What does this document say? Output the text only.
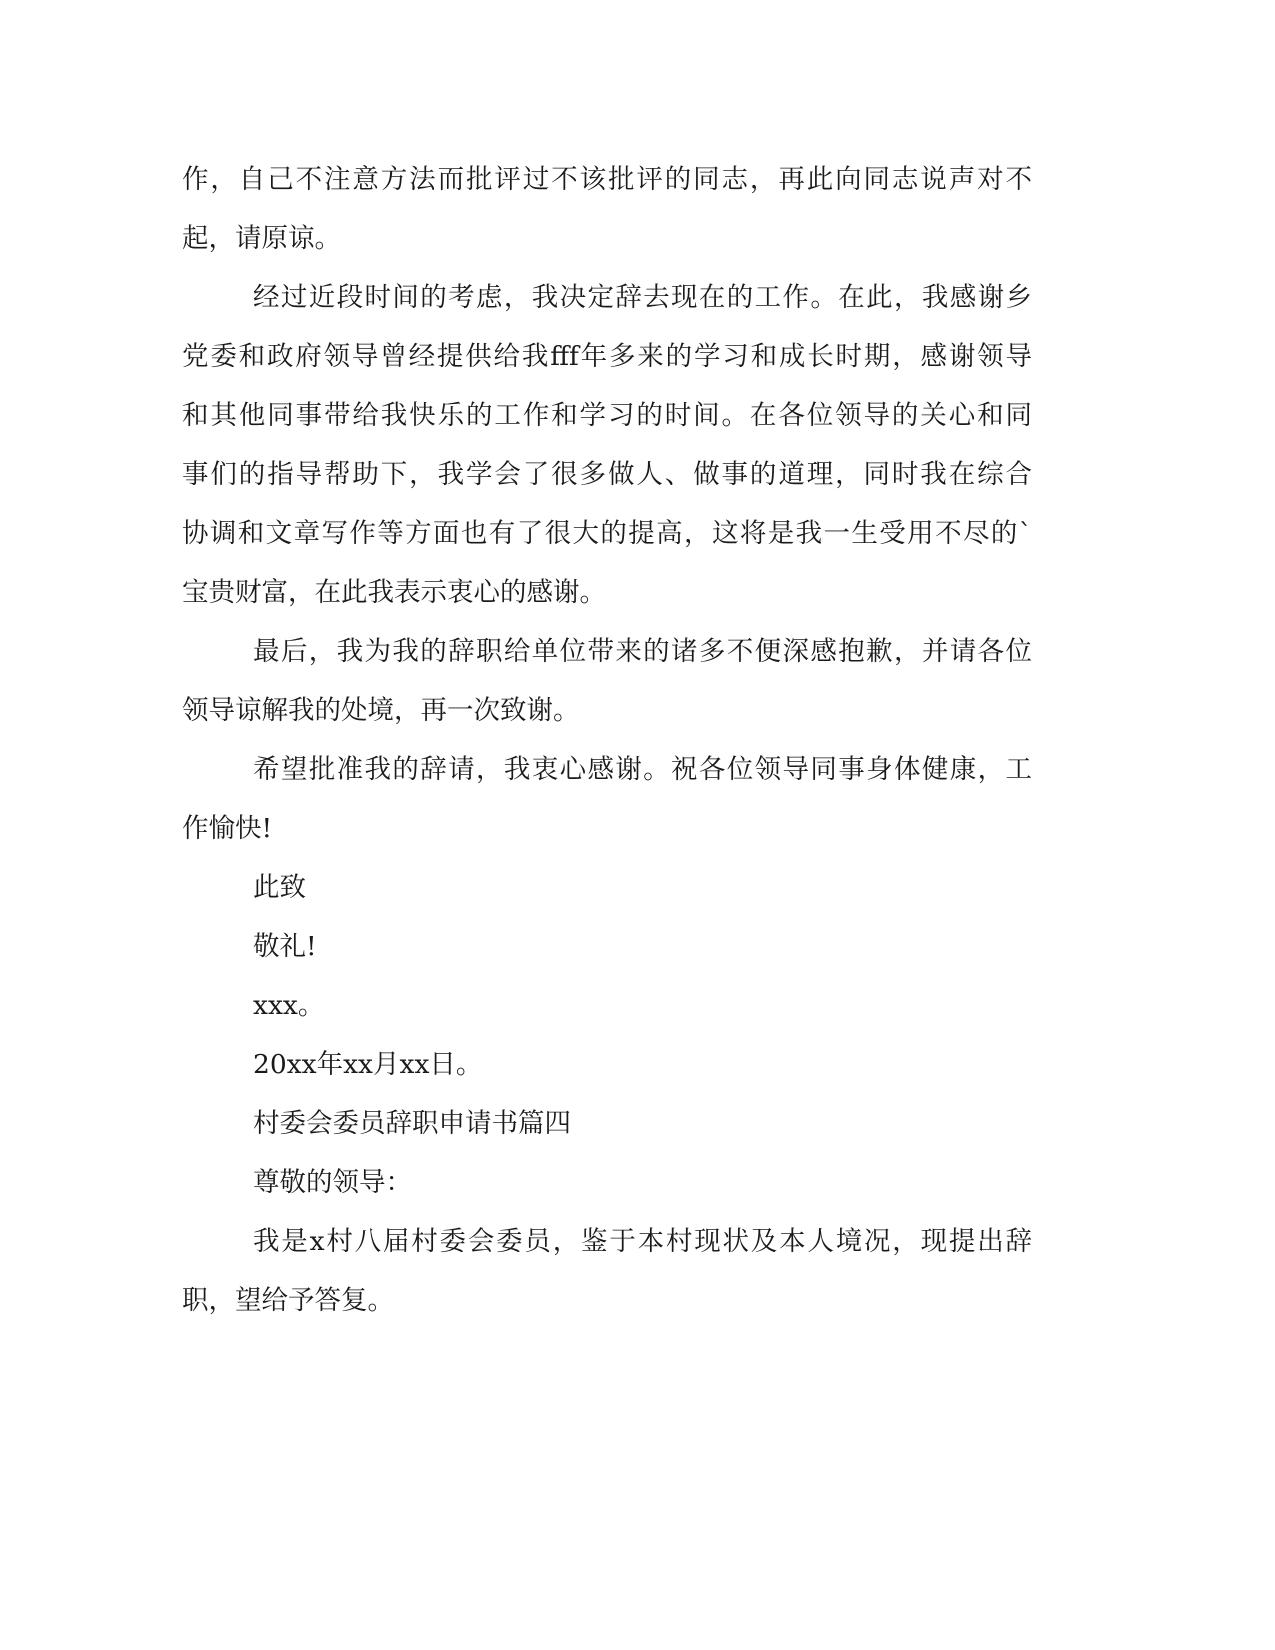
作，自己不注意方法而批评过不该批评的同志，再此向同志说声对不
起，请原谅。
经过近段时间的考虑，我决定辞去现在的工作。在此，我感谢乡
党委和政府领导曾经提供给我fff年多来的学习和成长时期，感谢领导
和其他同事带给我快乐的工作和学习的时间。在各位领导的关心和同
事们的指导帮助下，我学会了很多做人、做事的道理，同时我在综合
协调和文章写作等方面也有了很大的提高，这将是我一生受用不尽的`
宝贵财富，在此我表示衷心的感谢。
最后，我为我的辞职给单位带来的诸多不便深感抱歉，并请各位
领导谅解我的处境，再一次致谢。
希望批准我的辞请，我衷心感谢。祝各位领导同事身体健康，工
作愉快!
此致
敬礼!
xxx。
20xx年xx月xx日。
村委会委员辞职申请书篇四
尊敬的领导：
我是x村八届村委会委员，鉴于本村现状及本人境况，现提出辞
职，望给予答复。
